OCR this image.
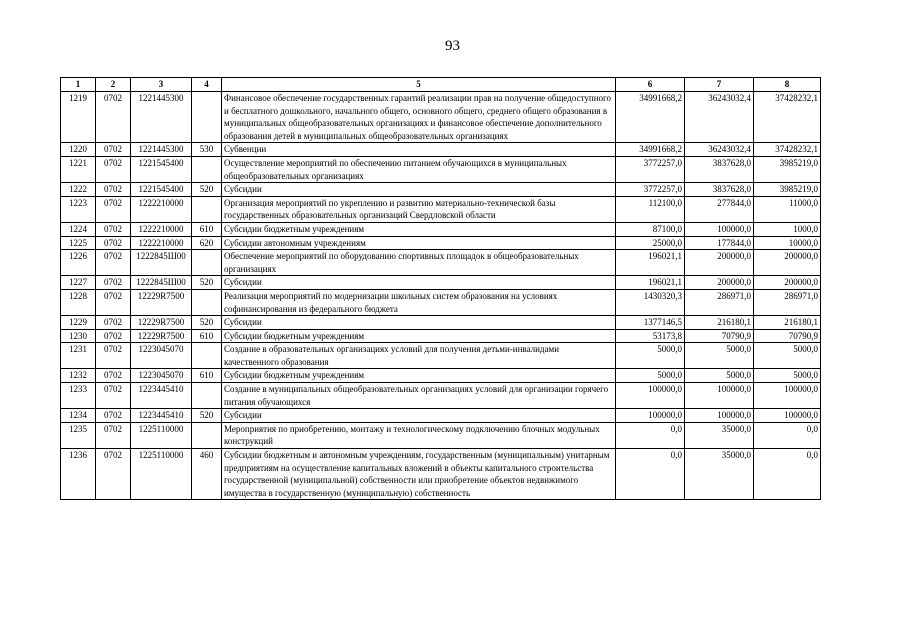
93
1	2	3	4	5	6	7	8
1219	0702	1221445300		Финансовое обеспечение государственных гарантий реализации прав на получение общедоступного и бесплатного дошкольного, начального общего, основного общего, среднего общего образования в муниципальных общеобразовательных организациях и финансовое обеспечение дополнительного образования детей в муниципальных общеобразовательных организациях	34991668,2	36243032,4	37428232,1
1220	0702	1221445300	530	Субвенции	34991668,2	36243032,4	37428232,1
1221	0702	1221545400		Осуществление мероприятий по обеспечению питанием обучающихся в муниципальных общеобразовательных организациях	3772257,0	3837628,0	3985219,0
1222	0702	1221545400	520	Субсидии	3772257,0	3837628,0	3985219,0
1223	0702	1222210000		Организация мероприятий по укреплению и развитию материально-технической базы государственных образовательных организаций Свердловской области	112100,0	277844,0	11000,0
1224	0702	1222210000	610	Субсидии бюджетным учреждениям	87100,0	100000,0	1000,0
1225	0702	1222210000	620	Субсидии автономным учреждениям	25000,0	177844,0	10000,0
1226	0702	1222845Ш00		Обеспечение мероприятий по оборудованию спортивных площадок в общеобразовательных организациях	196021,1	200000,0	200000,0
1227	0702	1222845Ш00	520	Субсидии	196021,1	200000,0	200000,0
1228	0702	12229R7500		Реализация мероприятий по модернизации школьных систем образования на условиях софинансирования из федерального бюджета	1430320,3	286971,0	286971,0
1229	0702	12229R7500	520	Субсидии	1377146,5	216180,1	216180,1
1230	0702	12229R7500	610	Субсидии бюджетным учреждениям	53173,8	70790,9	70790,9
1231	0702	1223045070		Создание в образовательных организациях условий для получения детьми-инвалидами качественного образования	5000,0	5000,0	5000,0
1232	0702	1223045070	610	Субсидии бюджетным учреждениям	5000,0	5000,0	5000,0
1233	0702	1223445410		Создание в муниципальных общеобразовательных организациях условий для организации горячего питания обучающихся	100000,0	100000,0	100000,0
1234	0702	1223445410	520	Субсидии	100000,0	100000,0	100000,0
1235	0702	1225110000		Мероприятия по приобретению, монтажу и технологическому подключению блочных модульных конструкций	0,0	35000,0	0,0
1236	0702	1225110000	460	Субсидии бюджетным и автономным учреждениям, государственным (муниципальным) унитарным предприятиям на осуществление капитальных вложений в объекты капитального строительства государственной (муниципальной) собственности или приобретение объектов недвижимого имущества в государственную (муниципальную) собственность	0,0	35000,0	0,0
